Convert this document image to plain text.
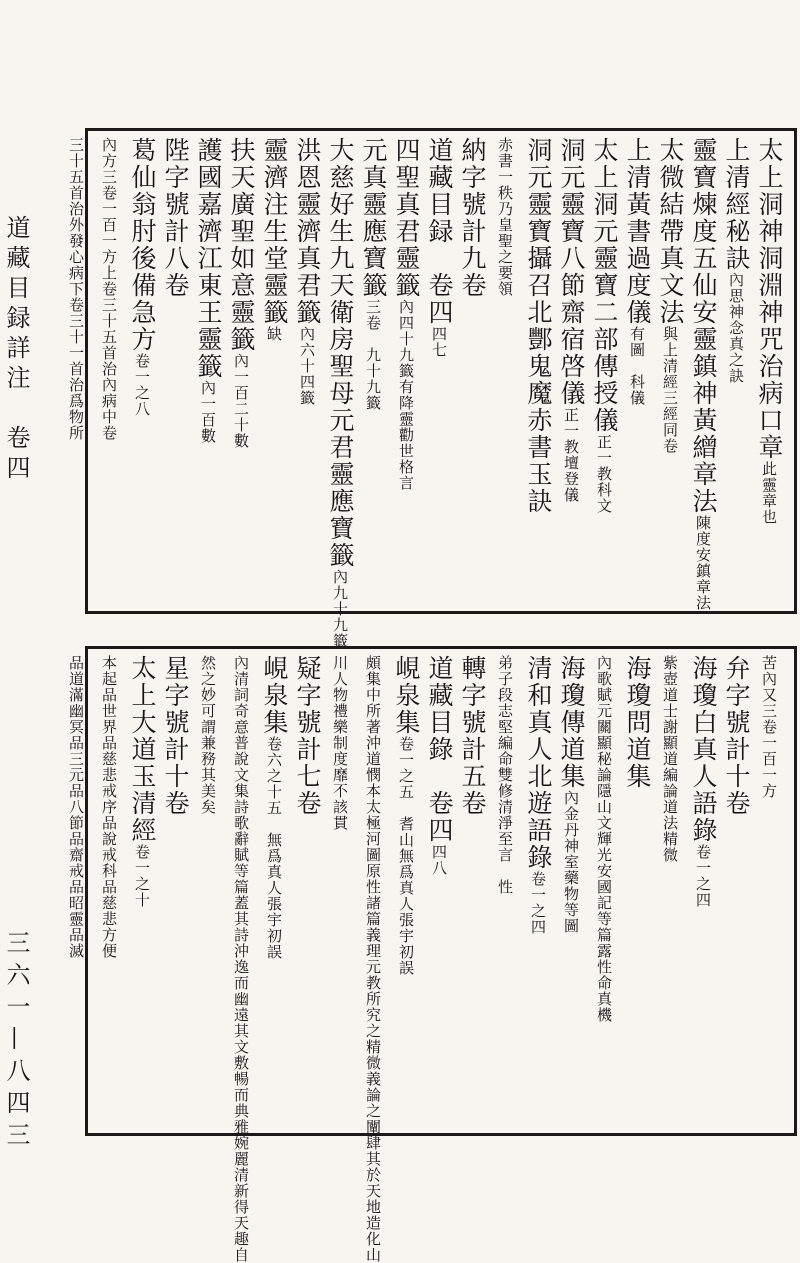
道藏目録詳注　卷四
三六一—八四三
太上洞神洞淵神咒治病口章此靈章也
上清經秘訣內思神念真之訣
靈寶煉度五仙安靈鎮神黃繒章法陳度安鎮章法
太微結帶真文法與上清經三經同卷
上清黃書過度儀有圖　科儀
太上洞元靈寶二部傳授儀正一教科文
洞元靈寶八節齋宿啓儀正一教壇登儀
洞元靈寶攝召北酆鬼魔赤書玉訣
赤書一秩乃皇聖之要領
納字號計九卷
道藏目録　卷四四七
四聖真君靈籤內四十九籤有降靈勸世格言
元真靈應寶籤三卷　九十九籤
大慈好生九天衛房聖母元君靈應寶籤內九十九籤
洪恩靈濟真君籤內六十四籤
靈濟注生堂靈籤缺
扶天廣聖如意靈籤內一百二十數
護國嘉濟江東王靈籤內一百數
陛字號計八卷
葛仙翁肘後備急方卷一之八
內方三卷一百一方上卷三十五首治內病中卷
三十五首治外發心病下卷三十一首治爲物所
苦內又三卷一百一方
弁字號計十卷
海瓊白真人語錄卷一之四
紫壺道士謝顯道編論道法精微
海瓊問道集
內歌賦元關顯秘論隱山文輝光安國記等篇露性命真機
海瓊傳道集內金丹神室藥物等圖
清和真人北遊語錄卷一之四
弟子段志堅編命雙修清淨至言　性
轉字號計五卷
道藏目錄　卷四四八
峴泉集卷一之五　耆山無爲真人張宇初誤
頗集中所著沖道憫本太極河圖原性諸篇義理元教所究之精微義論之闡肆其於天地造化山
川人物禮樂制度靡不該貫
疑字號計七卷
峴泉集卷六之十五　無爲真人張宇初誤
內清詞奇意普說文集詩歌辭賦等篇蓋其詩沖逸而幽遠其文敷暢而典雅婉麗清新得天趣自
然之妙可謂兼務其美矣
星字號計十卷
太上大道玉清經卷一之十
本起品世界品慈悲戒序品說戒科品慈悲方便
品道滿幽冥品三元品八節品齋戒品昭靈品滅
